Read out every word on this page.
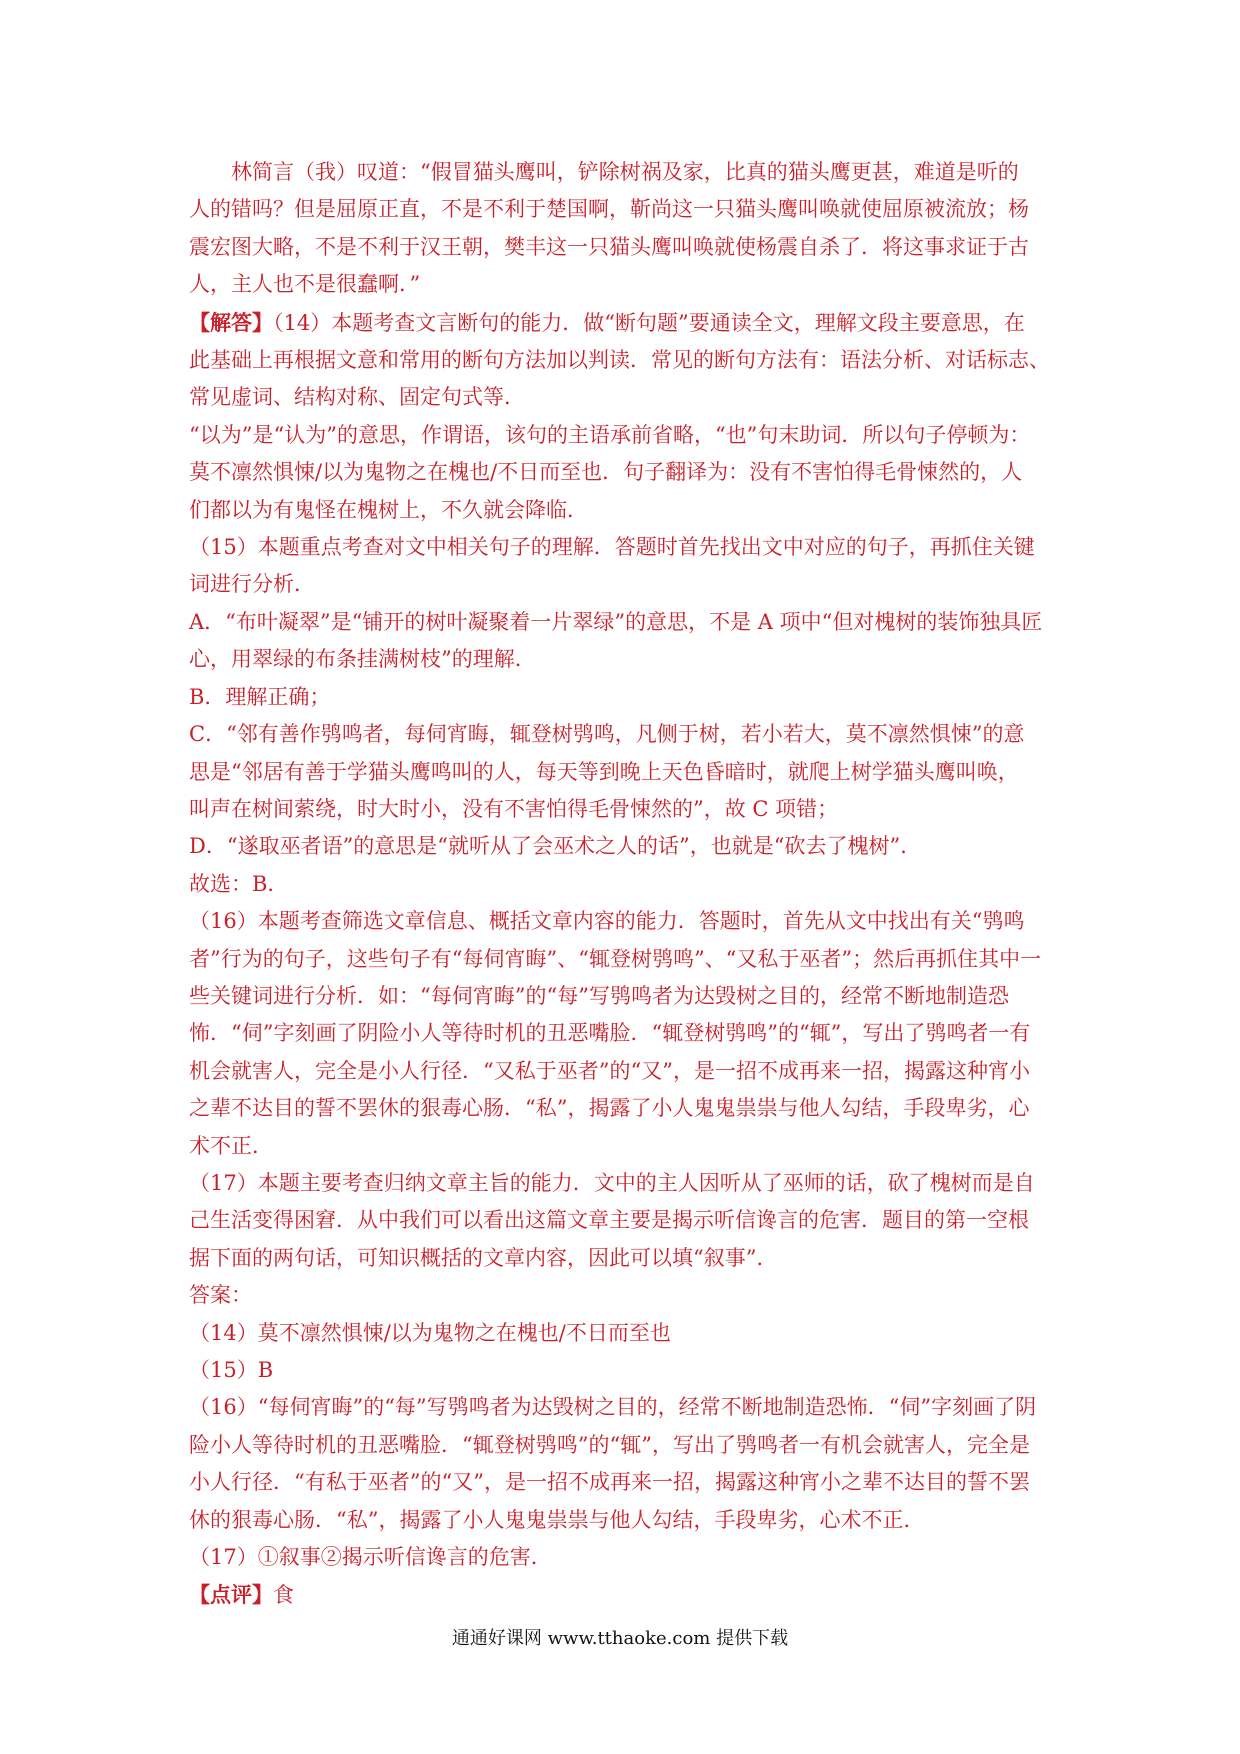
林简言（我）叹道：“假冒猫头鹰叫，铲除树祸及家，比真的猫头鹰更甚，难道是听的
人的错吗？但是屈原正直，不是不利于楚国啊，靳尚这一只猫头鹰叫唤就使屈原被流放；杨
震宏图大略，不是不利于汉王朝，樊丰这一只猫头鹰叫唤就使杨震自杀了．将这事求证于古
人，主人也不是很蠢啊．”
【解答】（14）本题考查文言断句的能力．做“断句题”要通读全文，理解文段主要意思，在
此基础上再根据文意和常用的断句方法加以判读．常见的断句方法有：语法分析、对话标志、
常见虚词、结构对称、固定句式等．
“以为”是“认为”的意思，作谓语，该句的主语承前省略，“也”句末助词．所以句子停顿为：
莫不凛然惧悚/以为鬼物之在槐也/不日而至也．句子翻译为：没有不害怕得毛骨悚然的，人
们都以为有鬼怪在槐树上，不久就会降临．
（15）本题重点考查对文中相关句子的理解．答题时首先找出文中对应的句子，再抓住关键
词进行分析．
A．“布叶凝翠”是“铺开的树叶凝聚着一片翠绿”的意思，不是 A 项中“但对槐树的装饰独具匠
心，用翠绿的布条挂满树枝”的理解．
B．理解正确；
C．“邻有善作鸮鸣者，每伺宵晦，辄登树鸮鸣，凡侧于树，若小若大，莫不凛然惧悚”的意
思是“邻居有善于学猫头鹰鸣叫的人，每天等到晚上天色昏暗时，就爬上树学猫头鹰叫唤，
叫声在树间萦绕，时大时小，没有不害怕得毛骨悚然的”，故 C 项错；
D．“遂取巫者语”的意思是“就听从了会巫术之人的话”，也就是“砍去了槐树”．
故选：B．
（16）本题考查筛选文章信息、概括文章内容的能力．答题时，首先从文中找出有关“鸮鸣
者”行为的句子，这些句子有“每伺宵晦”、“辄登树鸮鸣”、“又私于巫者”；然后再抓住其中一
些关键词进行分析．如：“每伺宵晦”的“每”写鸮鸣者为达毁树之目的，经常不断地制造恐
怖．“伺”字刻画了阴险小人等待时机的丑恶嘴脸．“辄登树鸮鸣”的“辄”，写出了鸮鸣者一有
机会就害人，完全是小人行径．“又私于巫者”的“又”，是一招不成再来一招，揭露这种宵小
之辈不达目的誓不罢休的狠毒心肠．“私”，揭露了小人鬼鬼祟祟与他人勾结，手段卑劣，心
术不正．
（17）本题主要考查归纳文章主旨的能力．文中的主人因听从了巫师的话，砍了槐树而是自
己生活变得困窘．从中我们可以看出这篇文章主要是揭示听信谗言的危害．题目的第一空根
据下面的两句话，可知识概括的文章内容，因此可以填“叙事”．
答案：
（14）莫不凛然惧悚/以为鬼物之在槐也/不日而至也
（15）B
（16）“每伺宵晦”的“每”写鸮鸣者为达毁树之目的，经常不断地制造恐怖．“伺”字刻画了阴
险小人等待时机的丑恶嘴脸．“辄登树鸮鸣”的“辄”，写出了鸮鸣者一有机会就害人，完全是
小人行径．“有私于巫者”的“又”，是一招不成再来一招，揭露这种宵小之辈不达目的誓不罢
休的狠毒心肠．“私”，揭露了小人鬼鬼祟祟与他人勾结，手段卑劣，心术不正．
（17）①叙事②揭示听信谗言的危害．
【点评】食
通通好课网 www.tthaoke.com 提供下载
